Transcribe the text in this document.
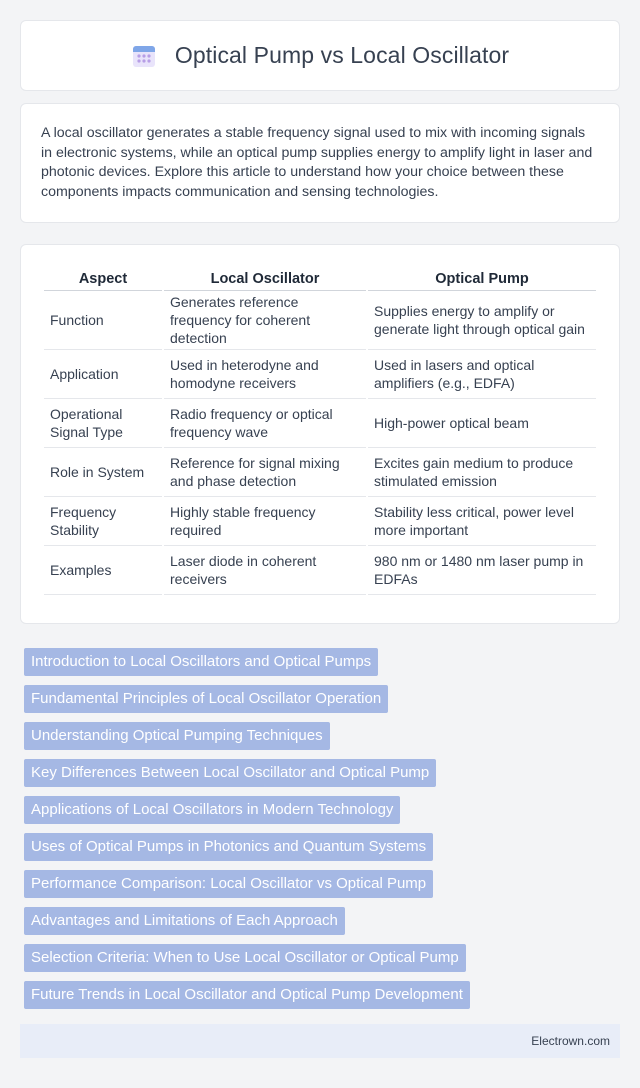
Optical Pump vs Local Oscillator

A local oscillator generates a stable frequency signal used to mix with incoming signals in electronic systems, while an optical pump supplies energy to amplify light in laser and photonic devices. Explore this article to understand how your choice between these components impacts communication and sensing technologies.

Aspect	Local Oscillator	Optical Pump
Function	Generates reference frequency for coherent detection	Supplies energy to amplify or generate light through optical gain
Application	Used in heterodyne and homodyne receivers	Used in lasers and optical amplifiers (e.g., EDFA)
Operational Signal Type	Radio frequency or optical frequency wave	High-power optical beam
Role in System	Reference for signal mixing and phase detection	Excites gain medium to produce stimulated emission
Frequency Stability	Highly stable frequency required	Stability less critical, power level more important
Examples	Laser diode in coherent receivers	980 nm or 1480 nm laser pump in EDFAs
Introduction to Local Oscillators and Optical Pumps
Fundamental Principles of Local Oscillator Operation
Understanding Optical Pumping Techniques
Key Differences Between Local Oscillator and Optical Pump
Applications of Local Oscillators in Modern Technology
Uses of Optical Pumps in Photonics and Quantum Systems
Performance Comparison: Local Oscillator vs Optical Pump
Advantages and Limitations of Each Approach
Selection Criteria: When to Use Local Oscillator or Optical Pump
Future Trends in Local Oscillator and Optical Pump Development
Electrown.com
